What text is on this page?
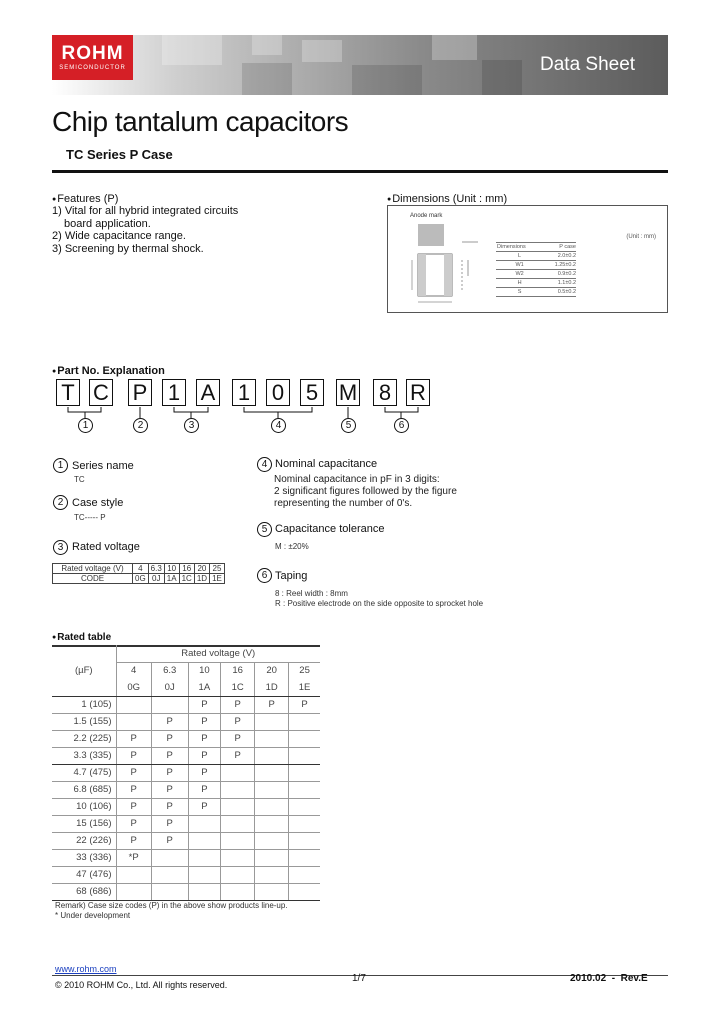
ROHM
SEMICONDUCTOR	Data Sheet
Chip tantalum capacitors
TC Series P Case
● Features (P)
1) Vital for all hybrid integrated circuits
board application.
2) Wide capacitance range.
3) Screening by thermal shock.
● Dimensions (Unit : mm)
Anode mark
(Unit : mm)
Dimensions	P case
L	2.0±0.2
W1	1.25±0.2
W2	0.9±0.2
H	1.1±0.2
S	0.5±0.2
● Part No. Explanation
T C P 1 A 1 0 5 M 8 R
1	2	3	4	5	6
1 Series name
TC
2 Case style
TC----- P
3 Rated voltage
Rated voltage (V)	4	6.3	10	16	20	25
CODE	0G	0J	1A	1C	1D	1E
4 Nominal capacitance
Nominal capacitance in pF in 3 digits:
2 significant figures followed by the figure
representing the number of 0's.
5 Capacitance tolerance
M : ±20%
6 Taping
8 : Reel width : 8mm
R : Positive electrode on the side opposite to sprocket hole
● Rated table
	Rated voltage (V)					
(µF)	4	6.3	10	16	20	25
	0G	0J	1A	1C	1D	1E
1 (105)			P	P	P	P
1.5 (155)		P	P	P		
2.2 (225)	P	P	P	P		
3.3 (335)	P	P	P	P		
4.7 (475)	P	P	P			
6.8 (685)	P	P	P			
10 (106)	P	P	P			
15 (156)	P	P				
22 (226)	P	P				
33 (336)	*P					
47 (476)						
68 (686)						
Remark) Case size codes (P) in the above show products line-up.
* Under development
www.rohm.com
© 2010 ROHM Co., Ltd. All rights reserved.
1/7	2010.02  -  Rev.E
